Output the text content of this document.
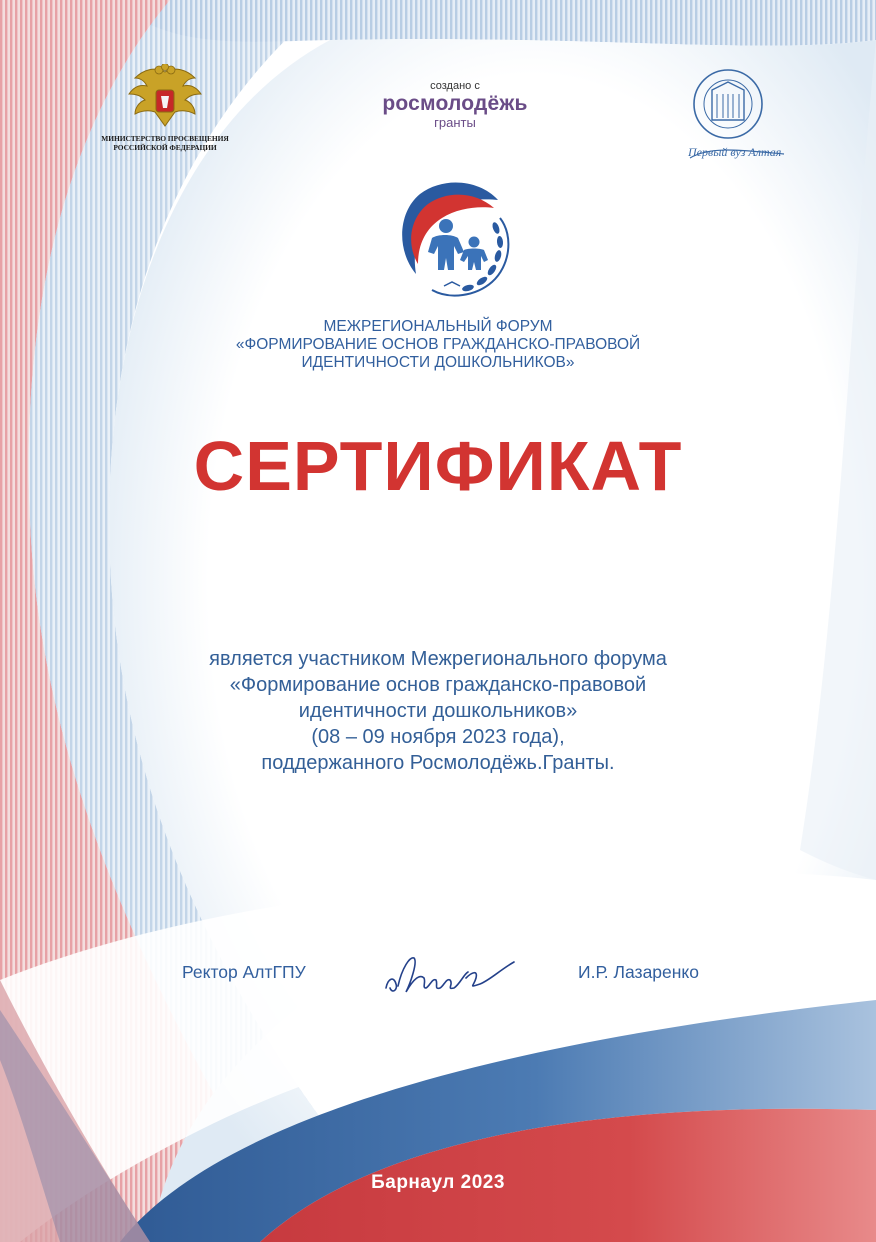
МИНИСТЕРСТВО ПРОСВЕЩЕНИЯ
РОССИЙСКОЙ ФЕДЕРАЦИИ
создано с
росмолодёжь
гранты
Первый вуз Алтая
МЕЖРЕГИОНАЛЬНЫЙ ФОРУМ
«ФОРМИРОВАНИЕ ОСНОВ ГРАЖДАНСКО-ПРАВОВОЙ
ИДЕНТИЧНОСТИ ДОШКОЛЬНИКОВ»
СЕРТИФИКАТ
является участником Межрегионального форума
«Формирование основ гражданско-правовой
идентичности дошкольников»
(08 – 09 ноября 2023 года),
поддержанного Росмолодёжь.Гранты.
Ректор АлтГПУ	И.Р. Лазаренко
Барнаул 2023
